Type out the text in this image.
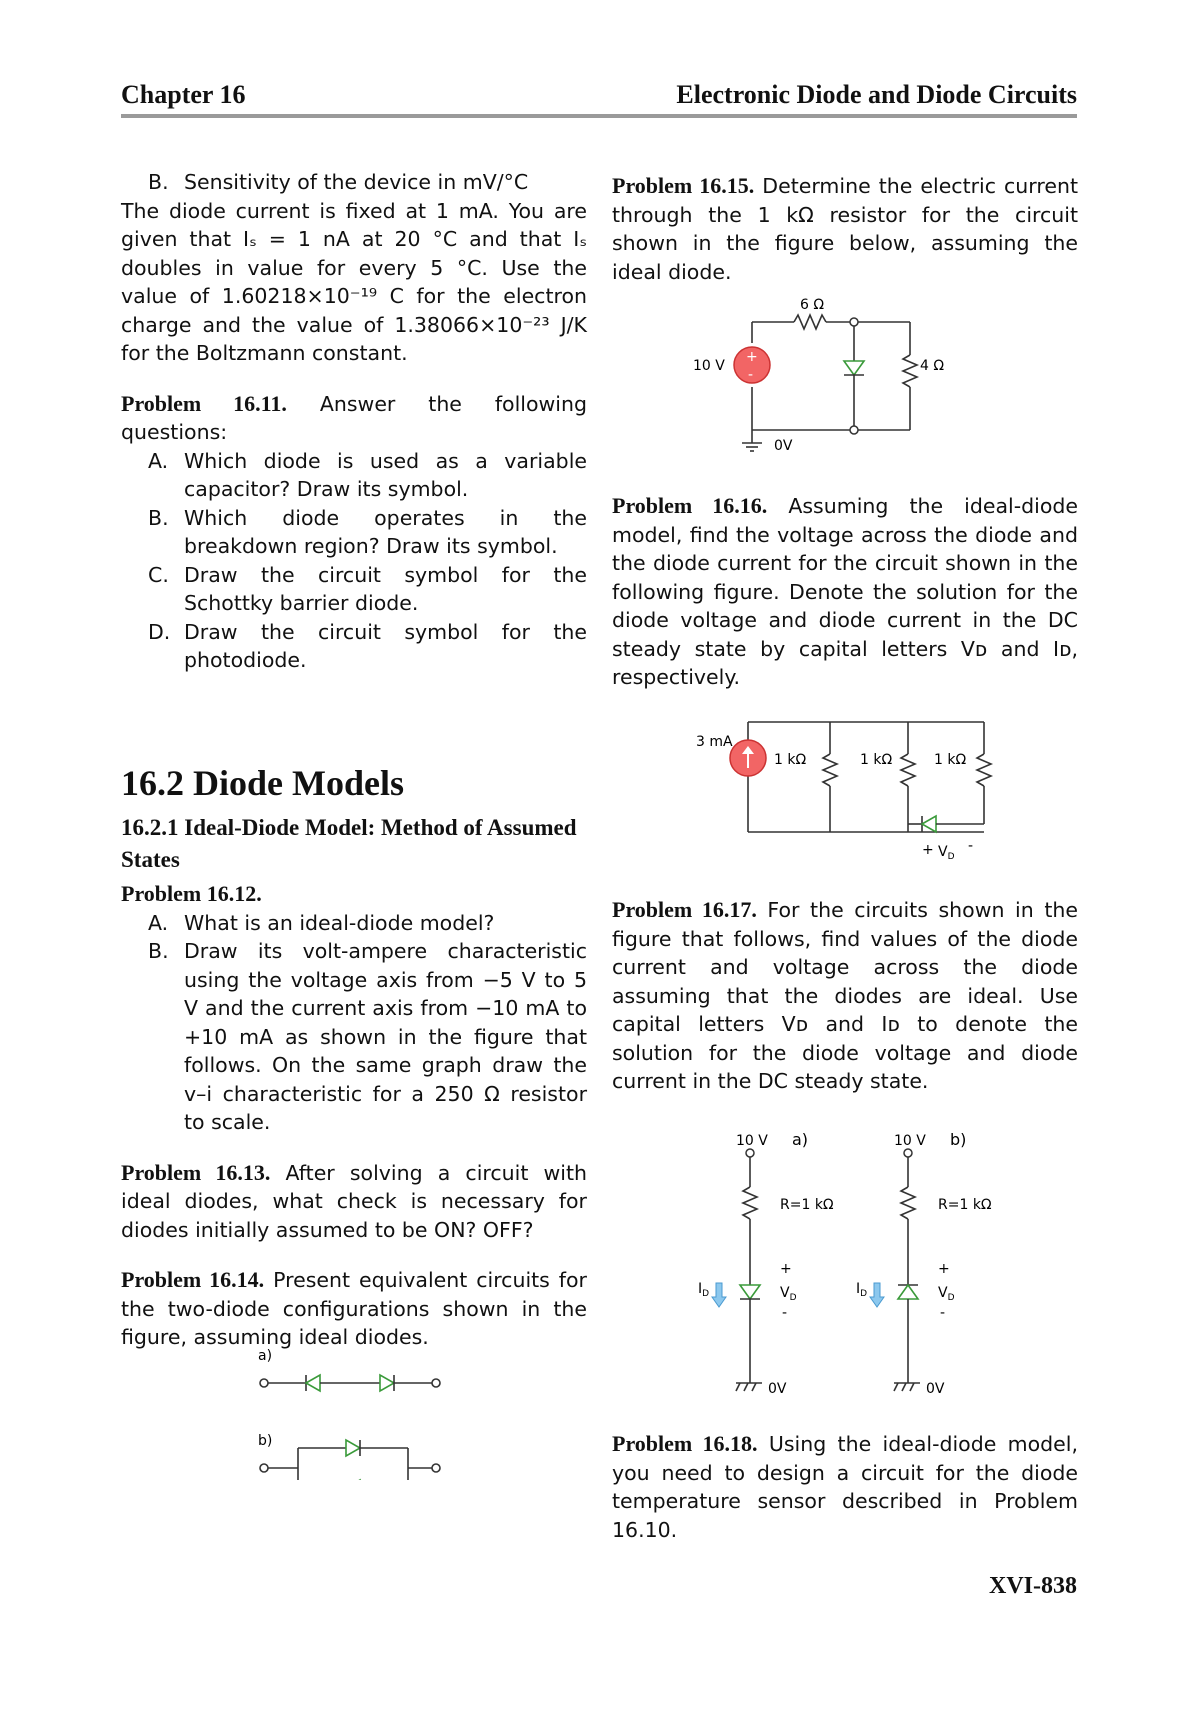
Chapter 16	Electronic Diode and Diode Circuits
B. Sensitivity of the device in mV/°C

The diode current is fixed at 1 mA. You are given that Iₛ = 1 nA at 20 °C and that Iₛ doubles in value for every 5 °C. Use the value of 1.60218×10⁻¹⁹ C for the electron charge and the value of 1.38066×10⁻²³ J/K for the Boltzmann constant.

Problem 16.11. Answer the following questions:

A. Which diode is used as a variable capacitor? Draw its symbol.
B. Which diode operates in the breakdown region? Draw its symbol.
C. Draw the circuit symbol for the Schottky barrier diode.
D. Draw the circuit symbol for the photodiode.
16.2 Diode Models
16.2.1 Ideal-Diode Model: Method of Assumed States

Problem 16.12.

A. What is an ideal-diode model?
B. Draw its volt-ampere characteristic using the voltage axis from −5 V to 5 V and the current axis from −10 mA to +10 mA as shown in the figure that follows. On the same graph draw the v–i characteristic for a 250 Ω resistor to scale.

Problem 16.13. After solving a circuit with ideal diodes, what check is necessary for diodes initially assumed to be ON? OFF?

Problem 16.14. Present equivalent circuits for the two-diode configurations shown in the figure, assuming ideal diodes.

a)
b)

Problem 16.15. Determine the electric current through the 1 kΩ resistor for the circuit shown in the figure below, assuming the ideal diode.

+
-
6 Ω
10 V	4 Ω
0V

Problem 16.16. Assuming the ideal-diode model, find the voltage across the diode and the diode current for the circuit shown in the following figure. Denote the solution for the diode voltage and diode current in the DC steady state by capital letters Vᴅ and Iᴅ, respectively.

3 mA
1 kΩ	1 kΩ	1 kΩ
+ $V_D$
-

Problem 16.17. For the circuits shown in the figure that follows, find values of the diode current and voltage across the diode assuming that the diodes are ideal. Use capital letters Vᴅ and Iᴅ to denote the solution for the diode voltage and diode current in the DC steady state.

10 V a)
R=1 kΩ
$I_D$
+
$V_D$
-
0V
10 V b)
R=1 kΩ
$I_D$
+
$V_D$
-
0V

Problem 16.18. Using the ideal-diode model, you need to design a circuit for the diode temperature sensor described in Problem 16.10.

XVI-838
